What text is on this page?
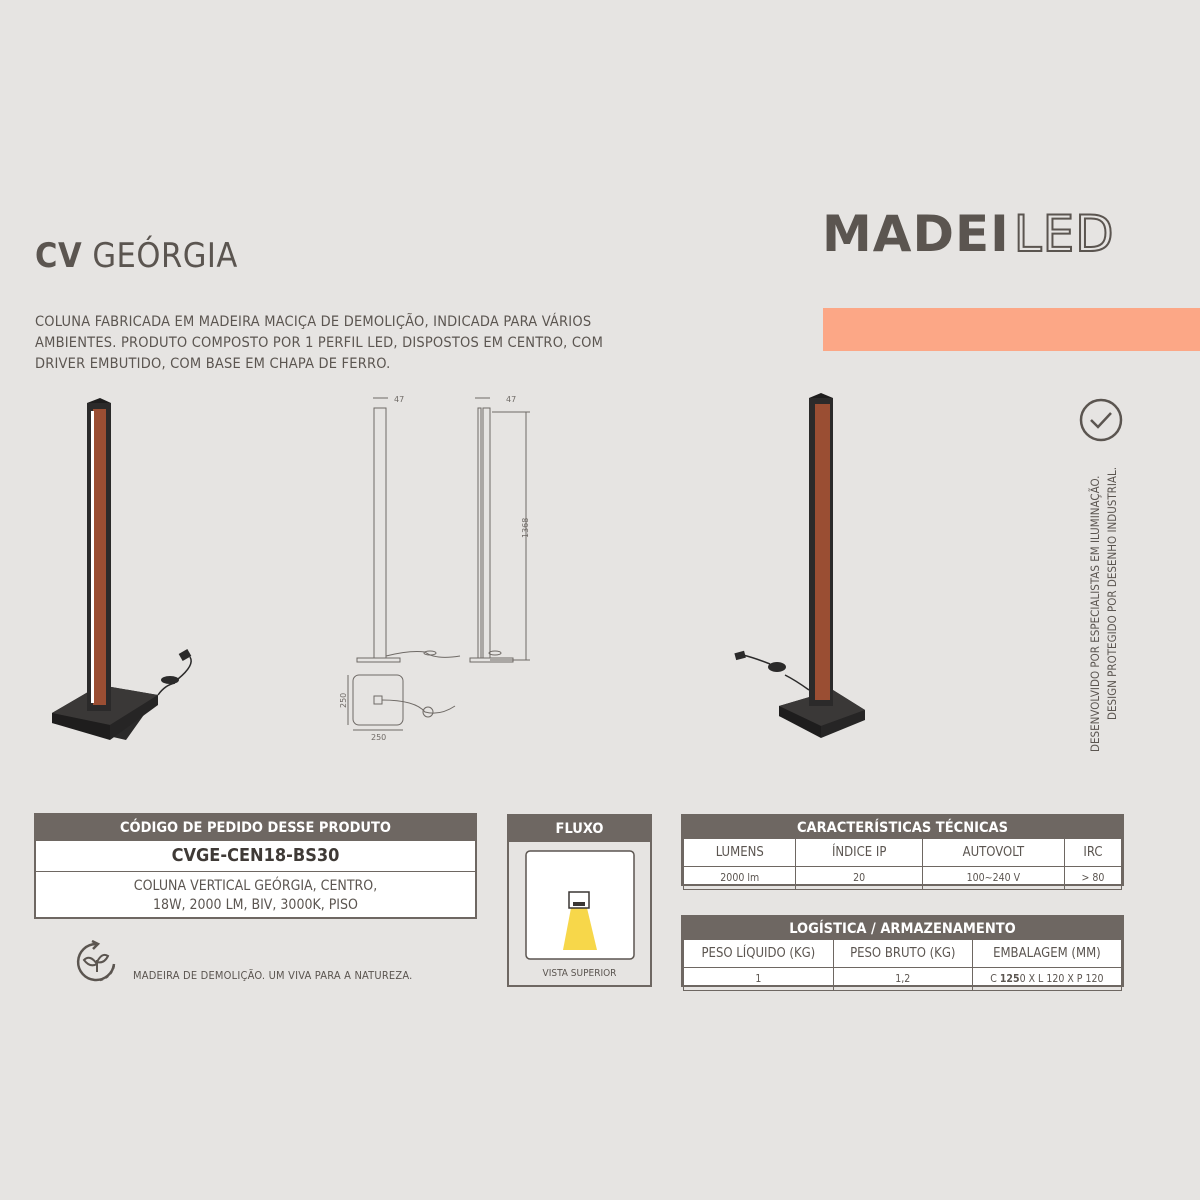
CV GEÓRGIA
COLUNA FABRICADA EM MADEIRA MACIÇA DE DEMOLIÇÃO, INDICADA PARA VÁRIOS AMBIENTES. PRODUTO COMPOSTO POR 1 PERFIL LED, DISPOSTOS EM CENTRO, COM DRIVER EMBUTIDO, COM BASE EM CHAPA DE FERRO.
MADEILED
DESENVOLVIDO POR ESPECIALISTAS EM ILUMINAÇÃO. DESIGN PROTEGIDO POR DESENHO INDUSTRIAL.
47	47
1368
250
250
CÓDIGO DE PEDIDO DESSE PRODUTO
CVGE-CEN18-BS30
COLUNA VERTICAL GEÓRGIA, CENTRO,
18W, 2000 LM, BIV, 3000K, PISO
MADEIRA DE DEMOLIÇÃO. UM VIVA PARA A NATUREZA.
FLUXO
VISTA SUPERIOR
CARACTERÍSTICAS TÉCNICAS
LUMENS	ÍNDICE IP	AUTOVOLT	IRC
2000 lm	20	100~240 V	> 80
LOGÍSTICA / ARMAZENAMENTO
PESO LÍQUIDO (KG)	PESO BRUTO (KG)	EMBALAGEM (MM)
1	1,2	C 1250 X L 120 X P 120
